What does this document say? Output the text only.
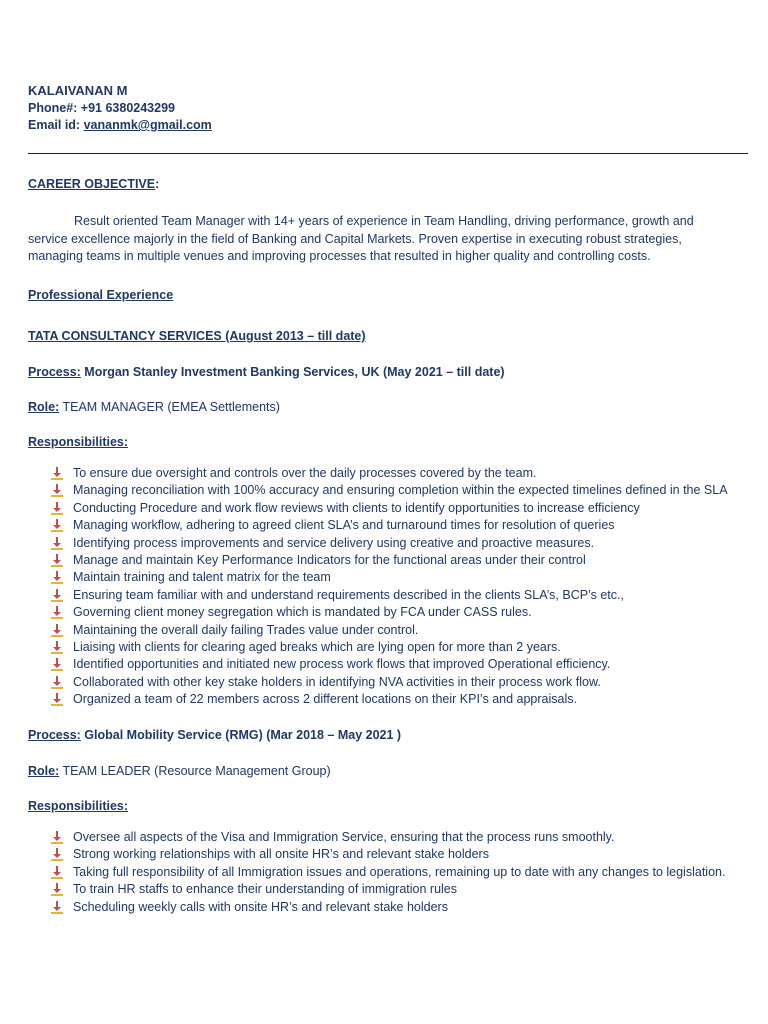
KALAIVANAN M
Phone#: +91 6380243299
Email id: vananmk@gmail.com
CAREER OBJECTIVE:
Result oriented Team Manager with 14+ years of experience in Team Handling, driving performance, growth and
service excellence majorly in the field of Banking and Capital Markets. Proven expertise in executing robust strategies,
managing teams in multiple venues and improving processes that resulted in higher quality and controlling costs.
Professional Experience
TATA CONSULTANCY SERVICES (August 2013 – till date)
Process: Morgan Stanley Investment Banking Services, UK (May 2021 – till date)
Role: TEAM MANAGER (EMEA Settlements)
Responsibilities:
To ensure due oversight and controls over the daily processes covered by the team.
Managing reconciliation with 100% accuracy and ensuring completion within the expected timelines defined in the SLA
Conducting Procedure and work flow reviews with clients to identify opportunities to increase efficiency
Managing workflow, adhering to agreed client SLA’s and turnaround times for resolution of queries
Identifying process improvements and service delivery using creative and proactive measures.
Manage and maintain Key Performance Indicators for the functional areas under their control
Maintain training and talent matrix for the team
Ensuring team familiar with and understand requirements described in the clients SLA’s, BCP’s etc.,
Governing client money segregation which is mandated by FCA under CASS rules.
Maintaining the overall daily failing Trades value under control.
Liaising with clients for clearing aged breaks which are lying open for more than 2 years.
Identified opportunities and initiated new process work flows that improved Operational efficiency.
Collaborated with other key stake holders in identifying NVA activities in their process work flow.
Organized a team of 22 members across 2 different locations on their KPI’s and appraisals.
Process: Global Mobility Service (RMG) (Mar 2018 – May 2021 )
Role: TEAM LEADER (Resource Management Group)
Responsibilities:
Oversee all aspects of the Visa and Immigration Service, ensuring that the process runs smoothly.
Strong working relationships with all onsite HR’s and relevant stake holders
Taking full responsibility of all Immigration issues and operations, remaining up to date with any changes to legislation.
To train HR staffs to enhance their understanding of immigration rules
Scheduling weekly calls with onsite HR’s and relevant stake holders
